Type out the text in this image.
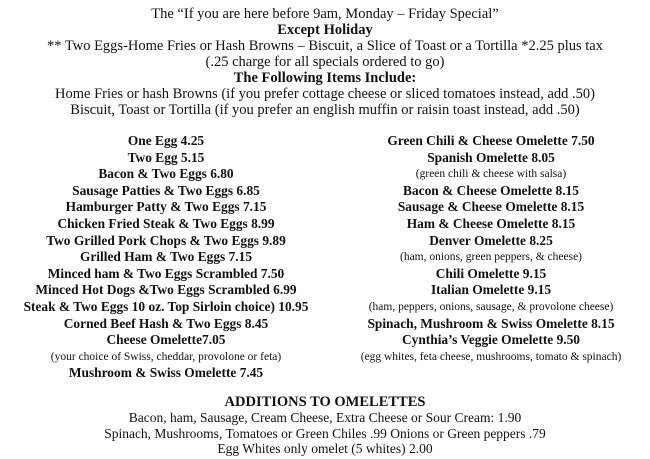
The “If you are here before 9am, Monday – Friday Special”
Except Holiday
** Two Eggs-Home Fries or Hash Browns – Biscuit, a Slice of Toast or a Tortilla *2.25 plus tax
(.25 charge for all specials ordered to go)
The Following Items Include:
Home Fries or hash Browns (if you prefer cottage cheese or sliced tomatoes instead, add .50)
Biscuit, Toast or Tortilla (if you prefer an english muffin or raisin toast instead, add .50)
One Egg 4.25
Two Egg 5.15
Bacon & Two Eggs 6.80
Sausage Patties & Two Eggs 6.85
Hamburger Patty & Two Eggs 7.15
Chicken Fried Steak & Two Eggs 8.99
Two Grilled Pork Chops & Two Eggs 9.89
Grilled Ham & Two Eggs 7.15
Minced ham & Two Eggs Scrambled 7.50
Minced Hot Dogs &Two Eggs Scrambled 6.99
Steak & Two Eggs 10 oz. Top Sirloin choice) 10.95
Corned Beef Hash & Two Eggs 8.45
Cheese Omelette7.05
(your choice of Swiss, cheddar, provolone or feta)
Mushroom & Swiss Omelette 7.45
Green Chili & Cheese Omelette 7.50
Spanish Omelette 8.05
(green chili & cheese with salsa)
Bacon & Cheese Omelette 8.15
Sausage & Cheese Omelette 8.15
Ham & Cheese Omelette 8.15
Denver Omelette 8.25
(ham, onions, green peppers, & cheese)
Chili Omelette 9.15
Italian Omelette 9.15
(ham, peppers, onions, sausage, & provolone cheese)
Spinach, Mushroom & Swiss Omelette 8.15
Cynthia’s Veggie Omelette 9.50
(egg whites, feta cheese, mushrooms, tomato & spinach)
ADDITIONS TO OMELETTES
Bacon, ham, Sausage, Cream Cheese, Extra Cheese or Sour Cream: 1.90
Spinach, Mushrooms, Tomatoes or Green Chiles .99 Onions or Green peppers .79
Egg Whites only omelet (5 whites) 2.00
